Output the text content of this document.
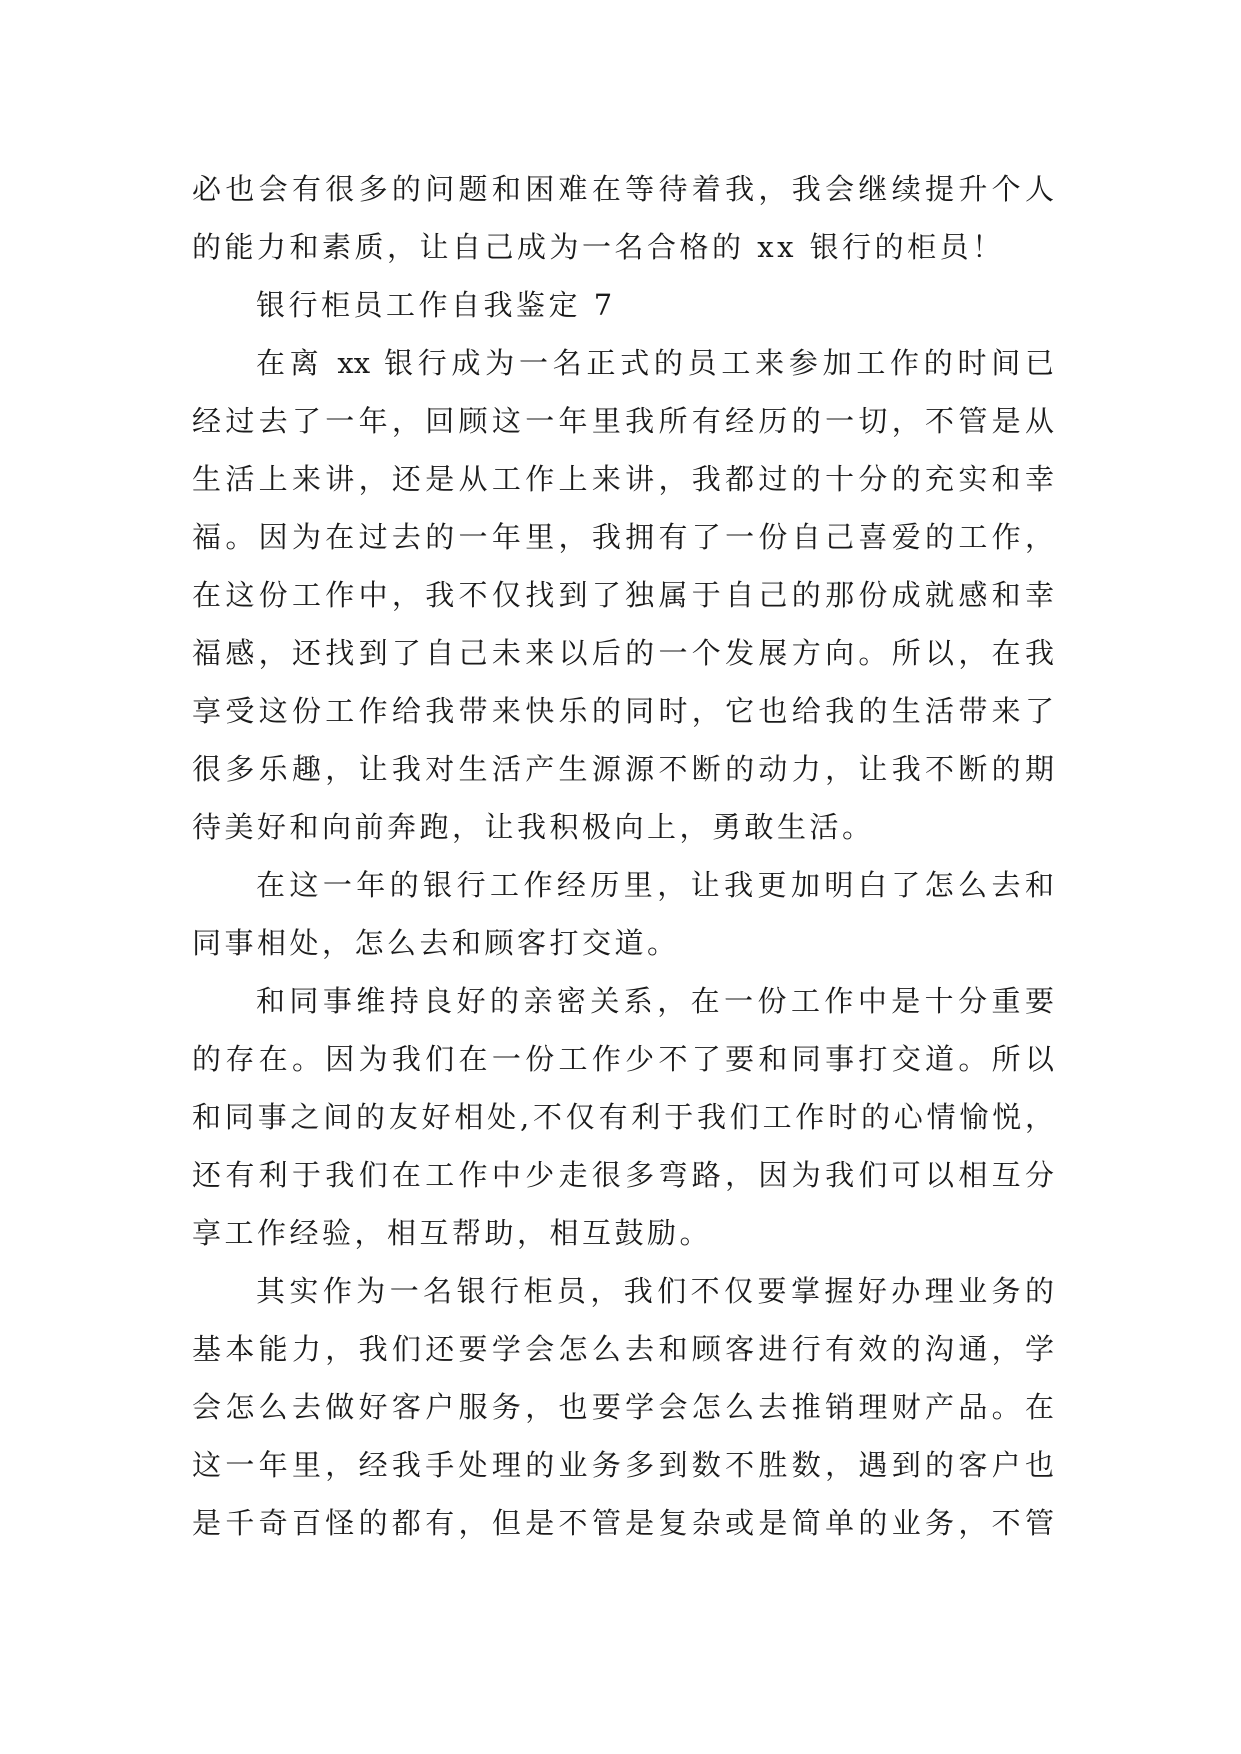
必也会有很多的问题和困难在等待着我，我会继续提升个人
的能力和素质，让自己成为一名合格的 xx 银行的柜员！
银行柜员工作自我鉴定 7
在离 xx 银行成为一名正式的员工来参加工作的时间已
经过去了一年，回顾这一年里我所有经历的一切，不管是从
生活上来讲，还是从工作上来讲，我都过的十分的充实和幸
福。因为在过去的一年里，我拥有了一份自己喜爱的工作，
在这份工作中，我不仅找到了独属于自己的那份成就感和幸
福感，还找到了自己未来以后的一个发展方向。所以，在我
享受这份工作给我带来快乐的同时，它也给我的生活带来了
很多乐趣，让我对生活产生源源不断的动力，让我不断的期
待美好和向前奔跑，让我积极向上，勇敢生活。
在这一年的银行工作经历里，让我更加明白了怎么去和
同事相处，怎么去和顾客打交道。
和同事维持良好的亲密关系，在一份工作中是十分重要
的存在。因为我们在一份工作少不了要和同事打交道。所以
和同事之间的友好相处,不仅有利于我们工作时的心情愉悦，
还有利于我们在工作中少走很多弯路，因为我们可以相互分
享工作经验，相互帮助，相互鼓励。
其实作为一名银行柜员，我们不仅要掌握好办理业务的
基本能力，我们还要学会怎么去和顾客进行有效的沟通，学
会怎么去做好客户服务，也要学会怎么去推销理财产品。在
这一年里，经我手处理的业务多到数不胜数，遇到的客户也
是千奇百怪的都有，但是不管是复杂或是简单的业务，不管
